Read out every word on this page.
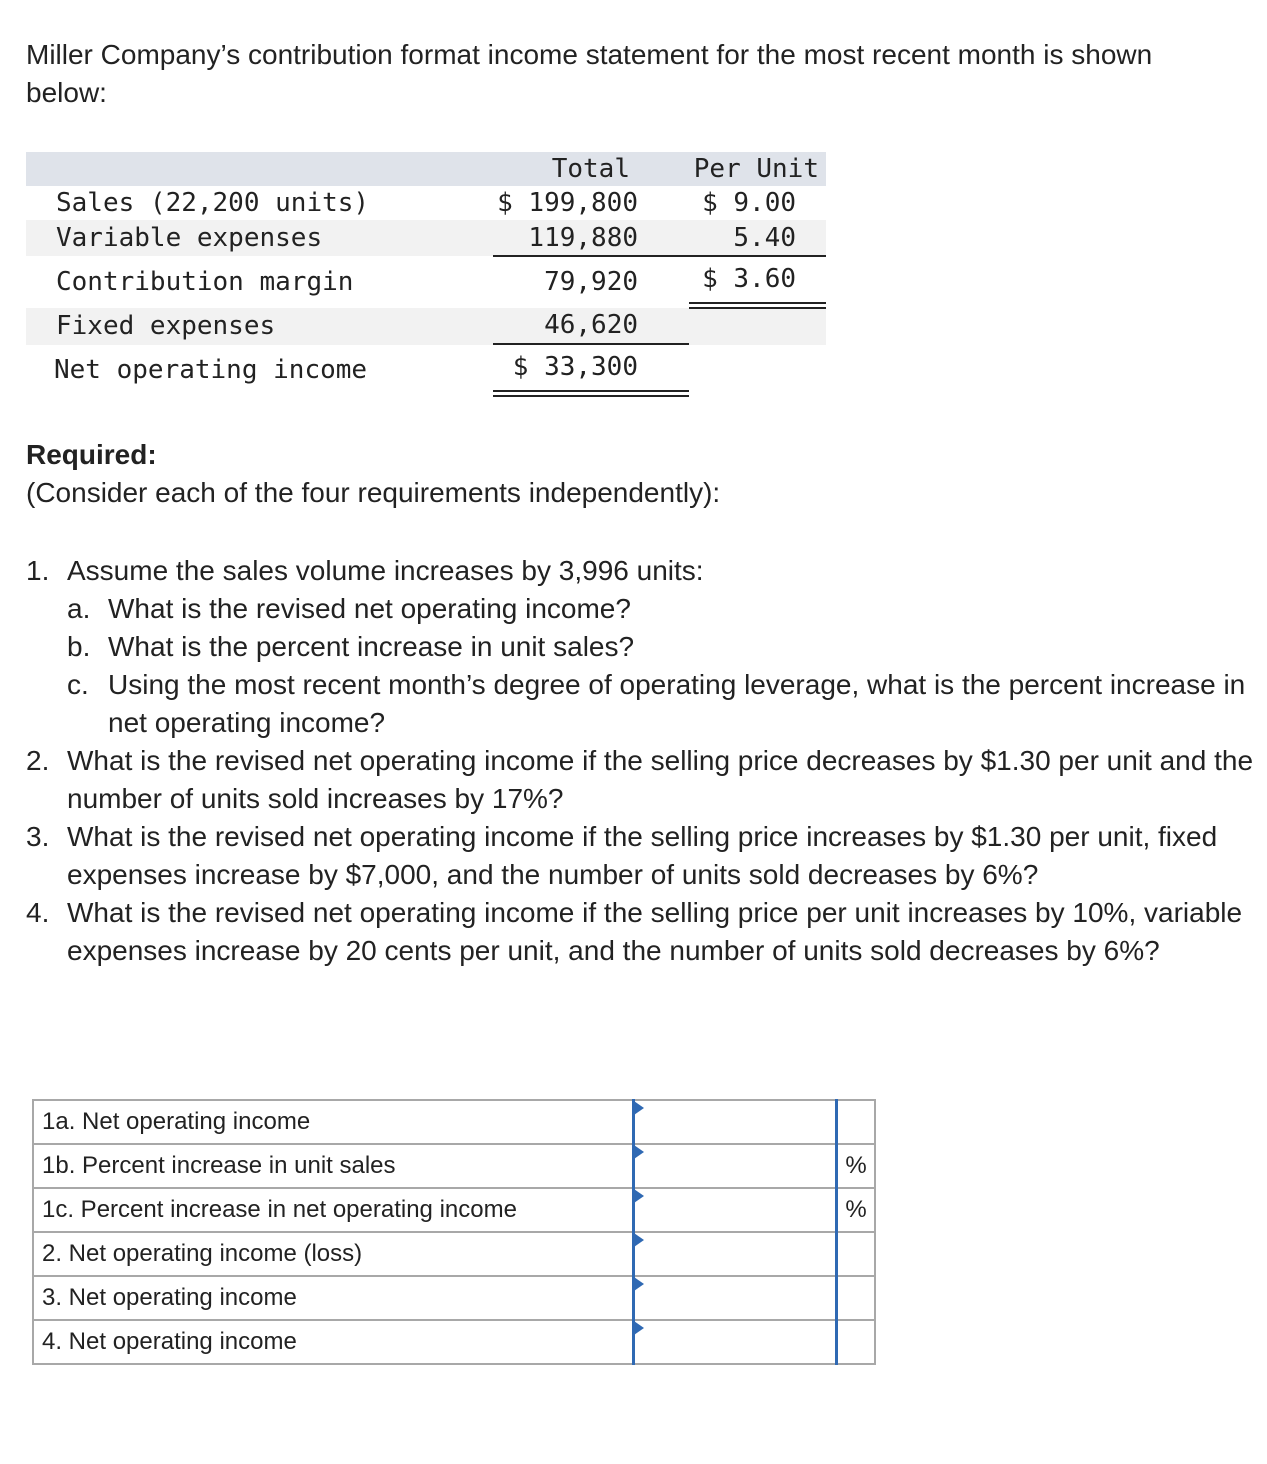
Miller Company’s contribution format income statement for the most recent month is shown below:

Total Per Unit
Sales (22,200 units)	$ 199,800	$ 9.00
Variable expenses	119,880	5.40
Contribution margin	79,920	$ 3.60
Fixed expenses	46,620
Net operating income	$ 33,300

Required:

(Consider each of the four requirements independently):

1. Assume the sales volume increases by 3,996 units:
a. What is the revised net operating income?
b. What is the percent increase in unit sales?
c. Using the most recent month’s degree of operating leverage, what is the percent increase in net operating income?
2. What is the revised net operating income if the selling price decreases by $1.30 per unit and the number of units sold increases by 17%?
3. What is the revised net operating income if the selling price increases by $1.30 per unit, fixed expenses increase by $7,000, and the number of units sold decreases by 6%?
4. What is the revised net operating income if the selling price per unit increases by 10%, variable expenses increase by 20 cents per unit, and the number of units sold decreases by 6%?
1a. Net operating income	

1b. Percent increase in unit sales		%
1c. Percent increase in net operating income		%
2. Net operating income (loss)	

3. Net operating income	

4. Net operating income	
